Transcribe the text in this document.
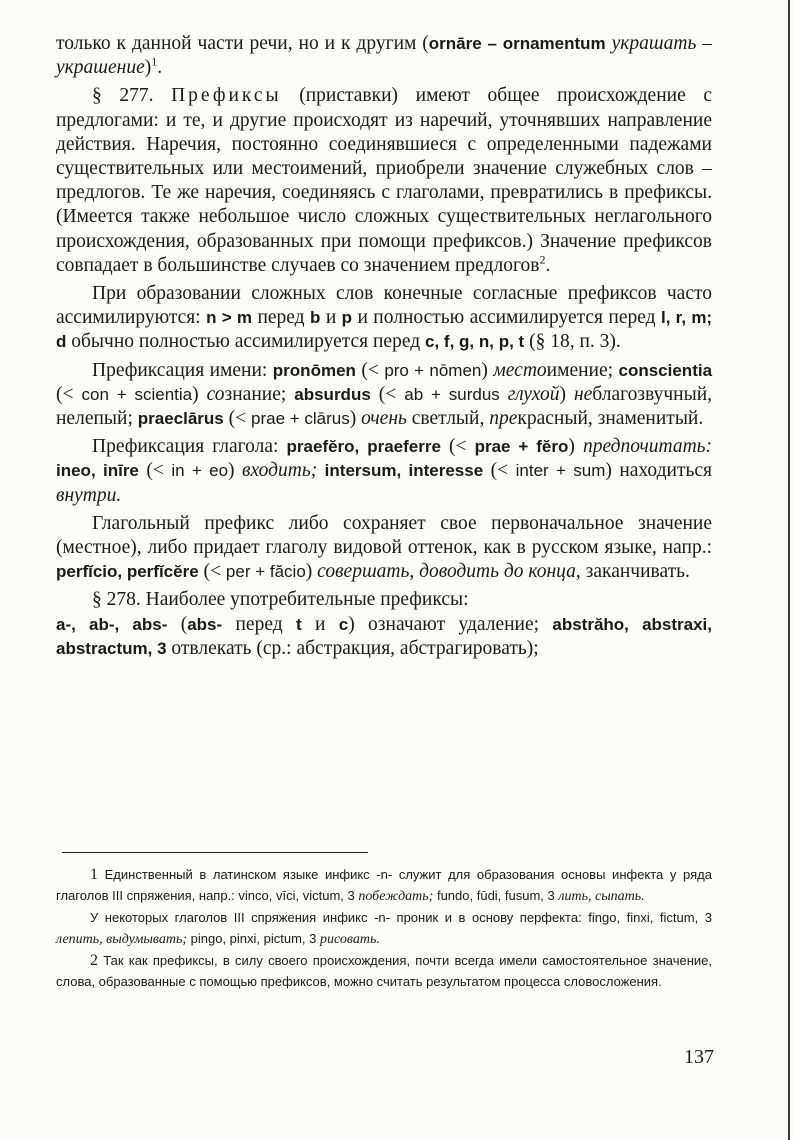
только к данной части речи, но и к другим (ornāre – ornamentum украшать – украшение)$^1$.

§ 277. Префиксы (приставки) имеют общее происхождение с предлогами: и те, и другие происходят из наречий, уточнявших направление действия. Наречия, постоянно соединявшиеся с определенными падежами существительных или местоимений, приобрели значение служебных слов – предлогов. Те же наречия, соединяясь с глаголами, превратились в префиксы. (Имеется также небольшое число сложных существительных неглагольного происхождения, образованных при помощи префиксов.) Значение префиксов совпадает в большинстве случаев со значением предлогов$^2$.

При образовании сложных слов конечные согласные префиксов часто ассимилируются: n > m перед b и p и полностью ассимилируется перед l, r, m; d обычно полностью ассимилируется перед c, f, g, n, p, t (§ 18, п. 3).

Префиксация имени: pronōmen (< pro + nōmen) местоимение; conscientia (< con + scientia) сознание; absurdus (< ab + surdus глухой) неблагозвучный, нелепый; praeclārus (< prae + clārus) очень светлый, прекрасный, знаменитый.

Префиксация глагола: praefĕro, praeferre (< prae + fĕro) предпочитать: ineo, inīre (< in + eo) входить; intersum, interesse (< inter + sum) находиться внутри.

Глагольный префикс либо сохраняет свое первоначальное значение (местное), либо придает глаголу видовой оттенок, как в русском языке, напр.: perfĭcio, perfĭcĕre (< per + făcio) совершать, доводить до конца, заканчивать.

§ 278. Наиболее употребительные префиксы:

a-, ab-, abs- (abs- перед t и c) означают удаление; abstrăho, abstraxi, abstractum, 3 отвлекать (ср.: абстракция, абстрагировать);

1 Единственный в латинском языке инфикс -n- служит для образования основы инфекта у ряда глаголов III спряжения, напр.: vinco, vīci, victum, 3 побеждать; fundo, fūdi, fusum, 3 лить, сыпать.

У некоторых глаголов III спряжения инфикс -n- проник и в основу перфекта: fingo, finxi, fictum, 3 лепить, выдумывать; pingo, pinxi, pictum, 3 рисовать.

2 Так как префиксы, в силу своего происхождения, почти всегда имели самостоятельное значение, слова, образованные с помощью префиксов, можно считать результатом процесса словосложения.

137
